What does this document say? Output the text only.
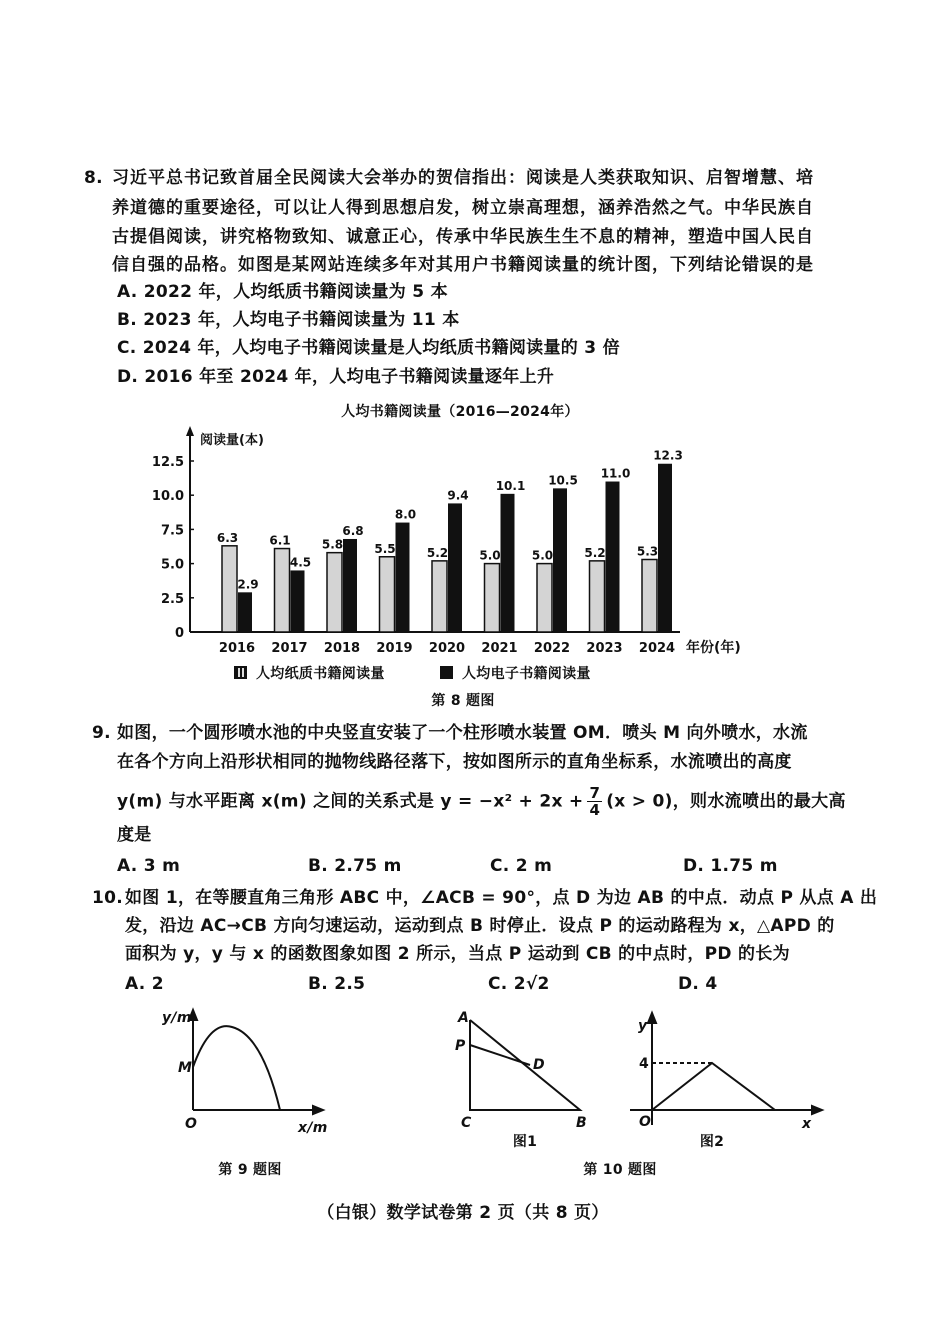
8. 习近平总书记致首届全民阅读大会举办的贺信指出：阅读是人类获取知识、启智增慧、培
养道德的重要途径，可以让人得到思想启发，树立崇高理想，涵养浩然之气。中华民族自
古提倡阅读，讲究格物致知、诚意正心，传承中华民族生生不息的精神，塑造中国人民自
信自强的品格。如图是某网站连续多年对其用户书籍阅读量的统计图，下列结论错误的是
A. 2022 年，人均纸质书籍阅读量为 5 本
B. 2023 年，人均电子书籍阅读量为 11 本
C. 2024 年，人均电子书籍阅读量是人均纸质书籍阅读量的 3 倍
D. 2016 年至 2024 年，人均电子书籍阅读量逐年上升
人均书籍阅读量（2016—2024年）
阅读量(本)
年份(年)
0
2.5
5.0
7.5
10.0
12.5
2016
6.3
2.9
2017
6.1
4.5
2018
5.8
6.8
2019
5.5
8.0
2020
5.2
9.4
2021
5.0
10.1
2022
5.0
10.5
2023
5.2
11.0
2024
5.3
12.3
人均纸质书籍阅读量	人均电子书籍阅读量
第 8 题图
9. 如图，一个圆形喷水池的中央竖直安装了一个柱形喷水装置 OM．喷头 M 向外喷水，水流
在各个方向上沿形状相同的抛物线路径落下，按如图所示的直角坐标系，水流喷出的高度
y(m) 与水平距离 x(m) 之间的关系式是 $y = -x^2 + 2x + \frac{7}{4} (x > 0)$，则水流喷出的最大高
度是
A. 3 m	B. 2.75 m	C. 2 m	D. 1.75 m
10. 如图 1，在等腰直角三角形 ABC 中，∠ACB = 90°，点 D 为边 AB 的中点．动点 P 从点 A 出
发，沿边 AC→CB 方向匀速运动，运动到点 B 时停止．设点 P 的运动路程为 x，△APD 的
面积为 y，y 与 x 的函数图象如图 2 所示，当点 P 运动到 CB 的中点时，PD 的长为
A. 2	B. 2.5	C. 2√2	D. 4
y/m
M
O	x/m
第 9 题图
A
P
D
C	B
图1
y
4
O	x
图2
第 10 题图
（白银）数学试卷第 2 页（共 8 页）
